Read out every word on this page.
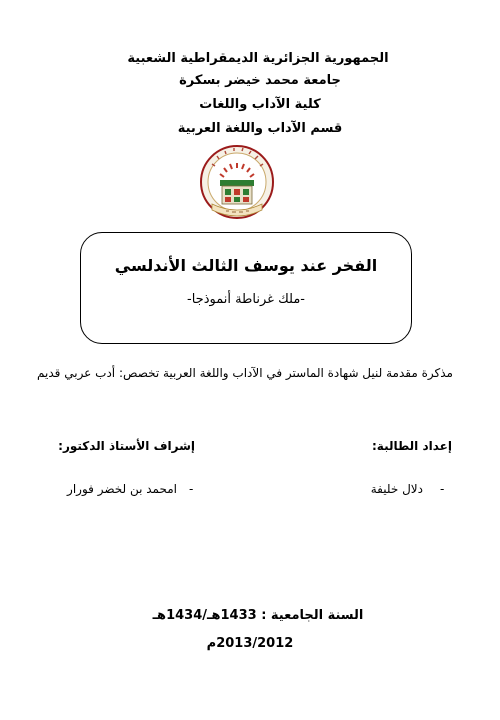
الجمهورية الجزائرية الديمقراطية الشعبية
جامعة محمد خيضر بسكرة
كلية الآداب واللغات
قسم الآداب واللغة العربية
الفخر عند يوسف الثالث الأندلسي
-ملك غرناطة أنموذجا-
مذكرة مقدمة لنيل شهادة الماستر في الآداب واللغة العربية تخصص: أدب عربي قديم
إعداد الطالبة:
إشراف الأستاذ الدكتور:
-
دلال خليفة
-
امحمد بن لخضر فورار
السنة الجامعية : 1433هـ/1434هـ
2013/2012م
